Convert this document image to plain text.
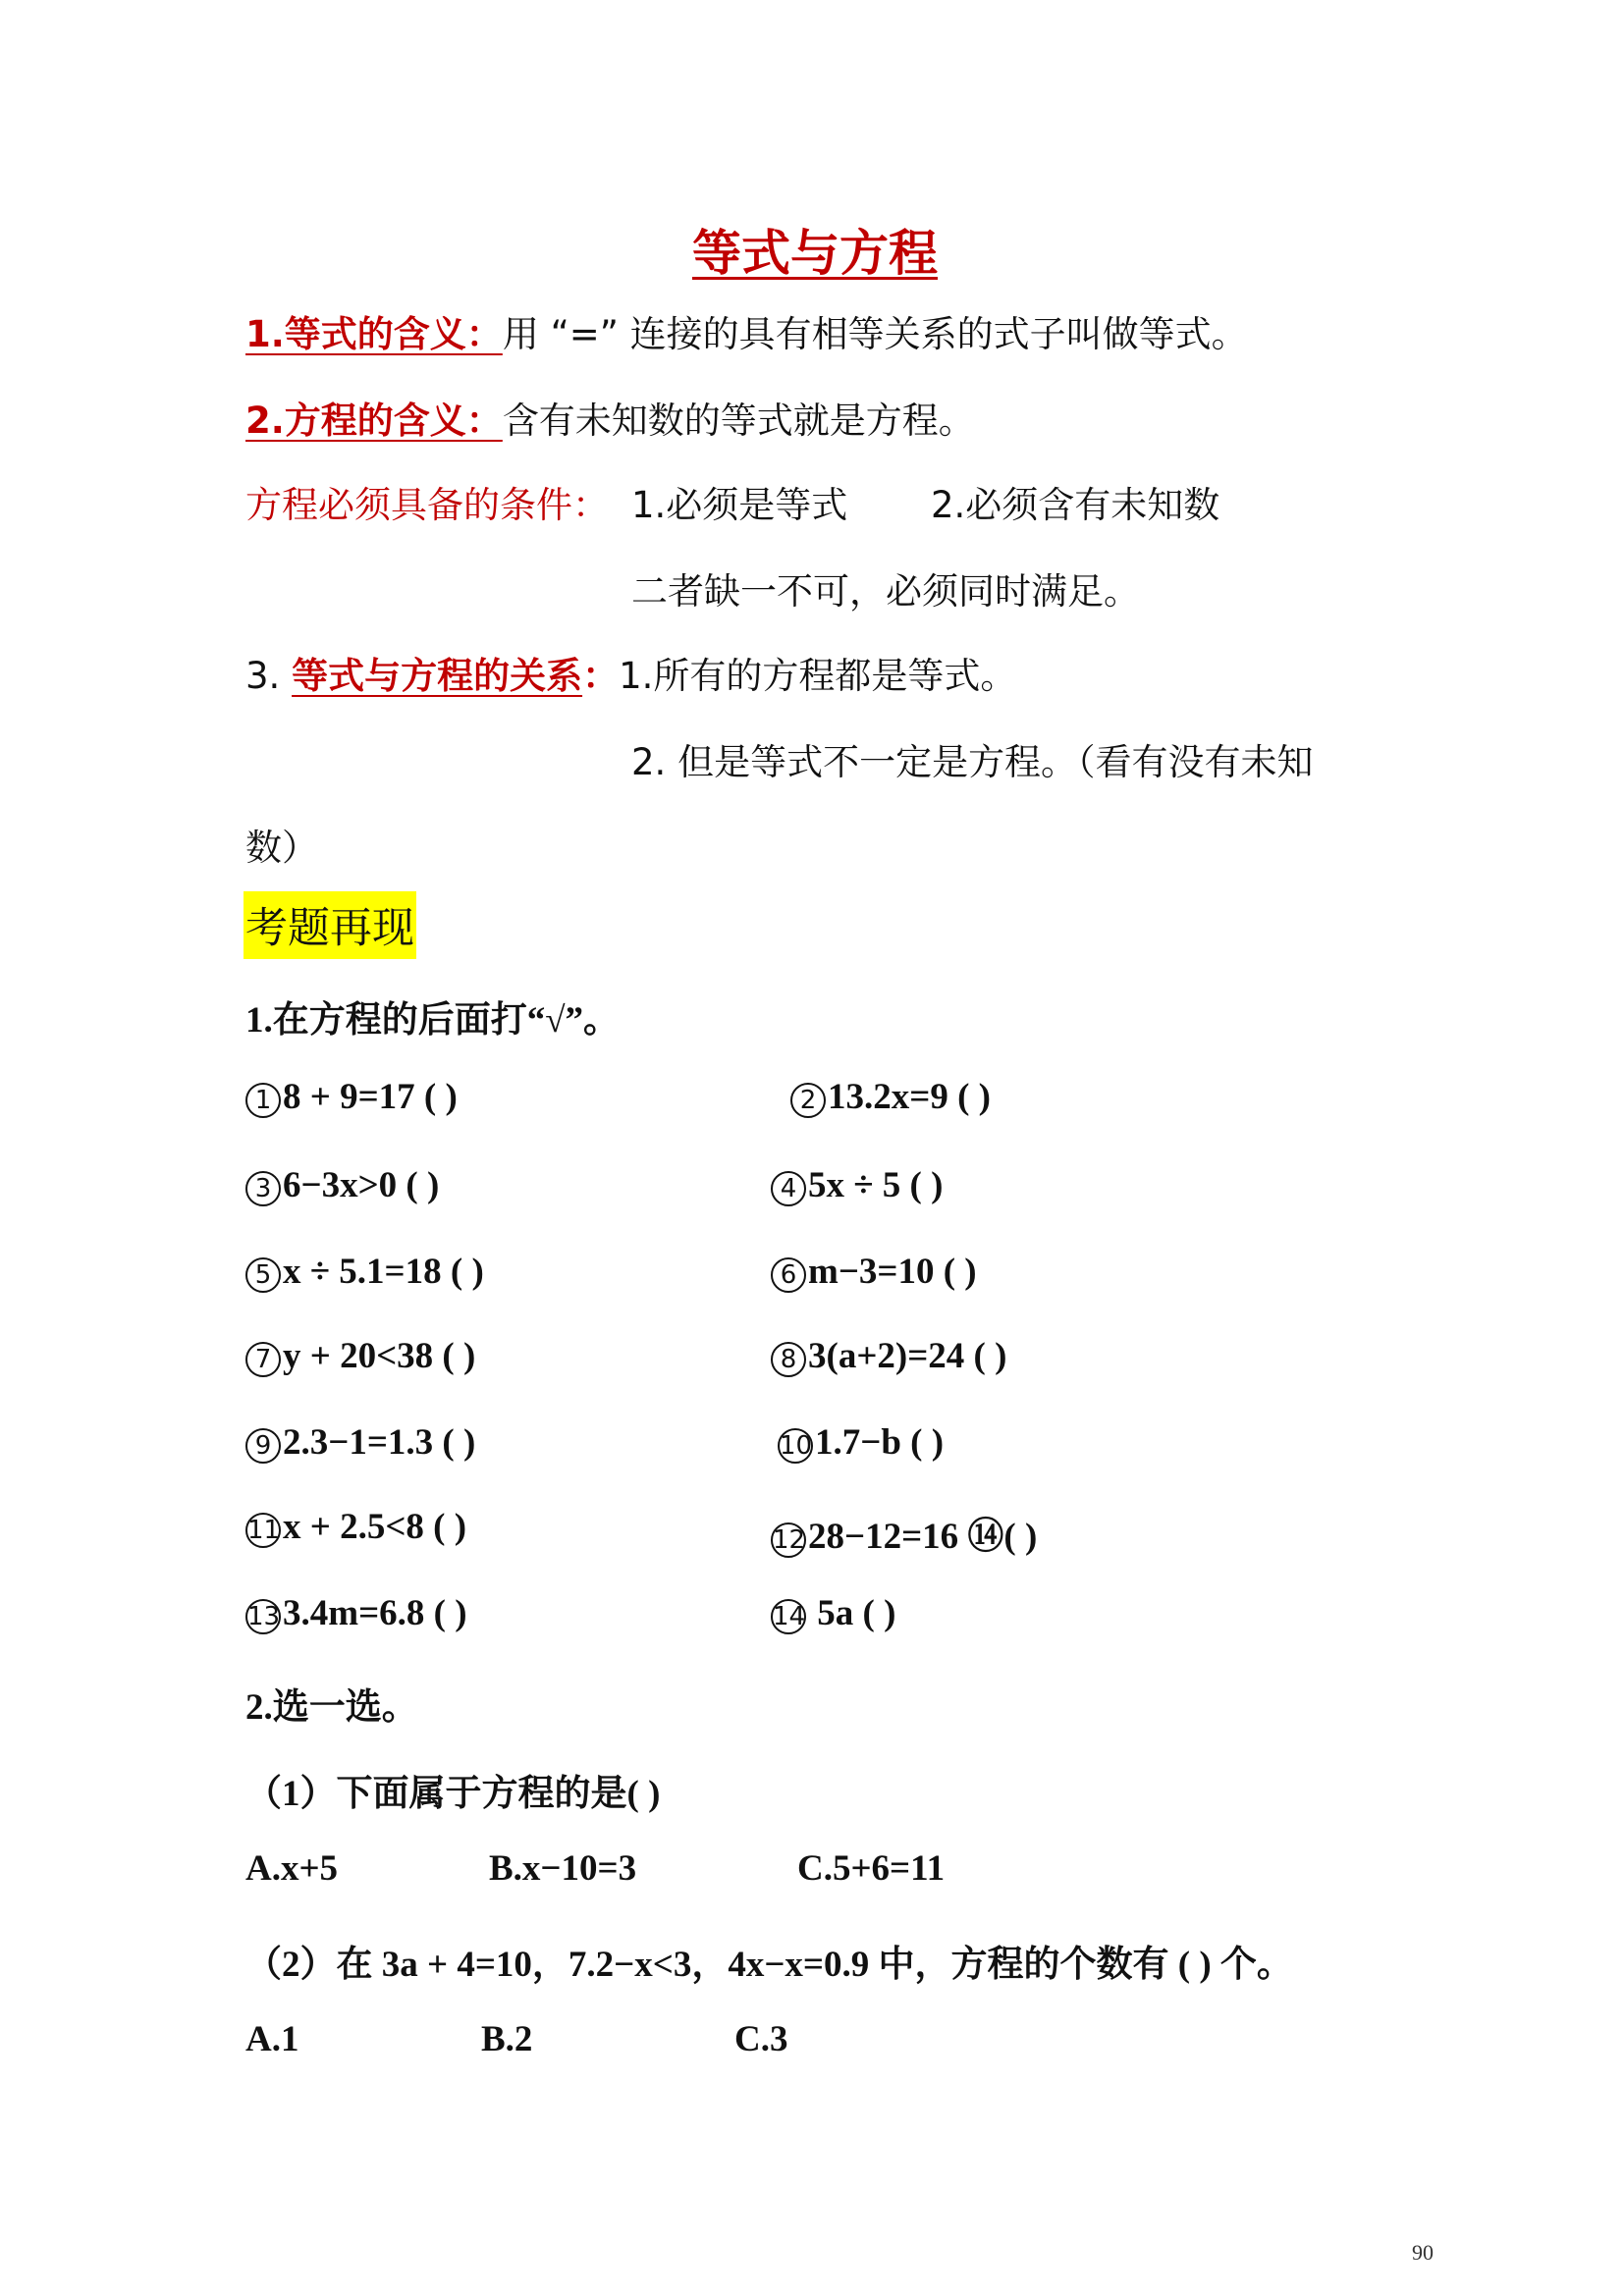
等式与方程
1.等式的含义：用 “=” 连接的具有相等关系的式子叫做等式。
2.方程的含义：含有未知数的等式就是方程。
方程必须具备的条件： 1.必须是等式 2.必须含有未知数
二者缺一不可，必须同时满足。
3. 等式与方程的关系：1.所有的方程都是等式。
2. 但是等式不一定是方程。（看有没有未知
数）
考题再现
1.在方程的后面打“√”。
1 8 + 9=17 ( )	2 13.2x=9 ( )
3 6−3x>0 ( )	4 5x ÷ 5 ( )
5 x ÷ 5.1=18 ( )	6 m−3=10 ( )
7 y + 20<38 ( )	8 3(a+2)=24 ( )
9 2.3−1=1.3 ( )	101.7−b ( )
11x + 2.5<8 ( )	1228−12=16 ⑭( )
133.4m=6.8 ( )	14 5a ( )
2.选一选。
（1）下面属于方程的是( )
A.x+5	B.x−10=3	C.5+6=11
（2）在 3a + 4=10，7.2−x<3，4x−x=0.9 中，方程的个数有 ( ) 个。
A.1	B.2	C.3
90
